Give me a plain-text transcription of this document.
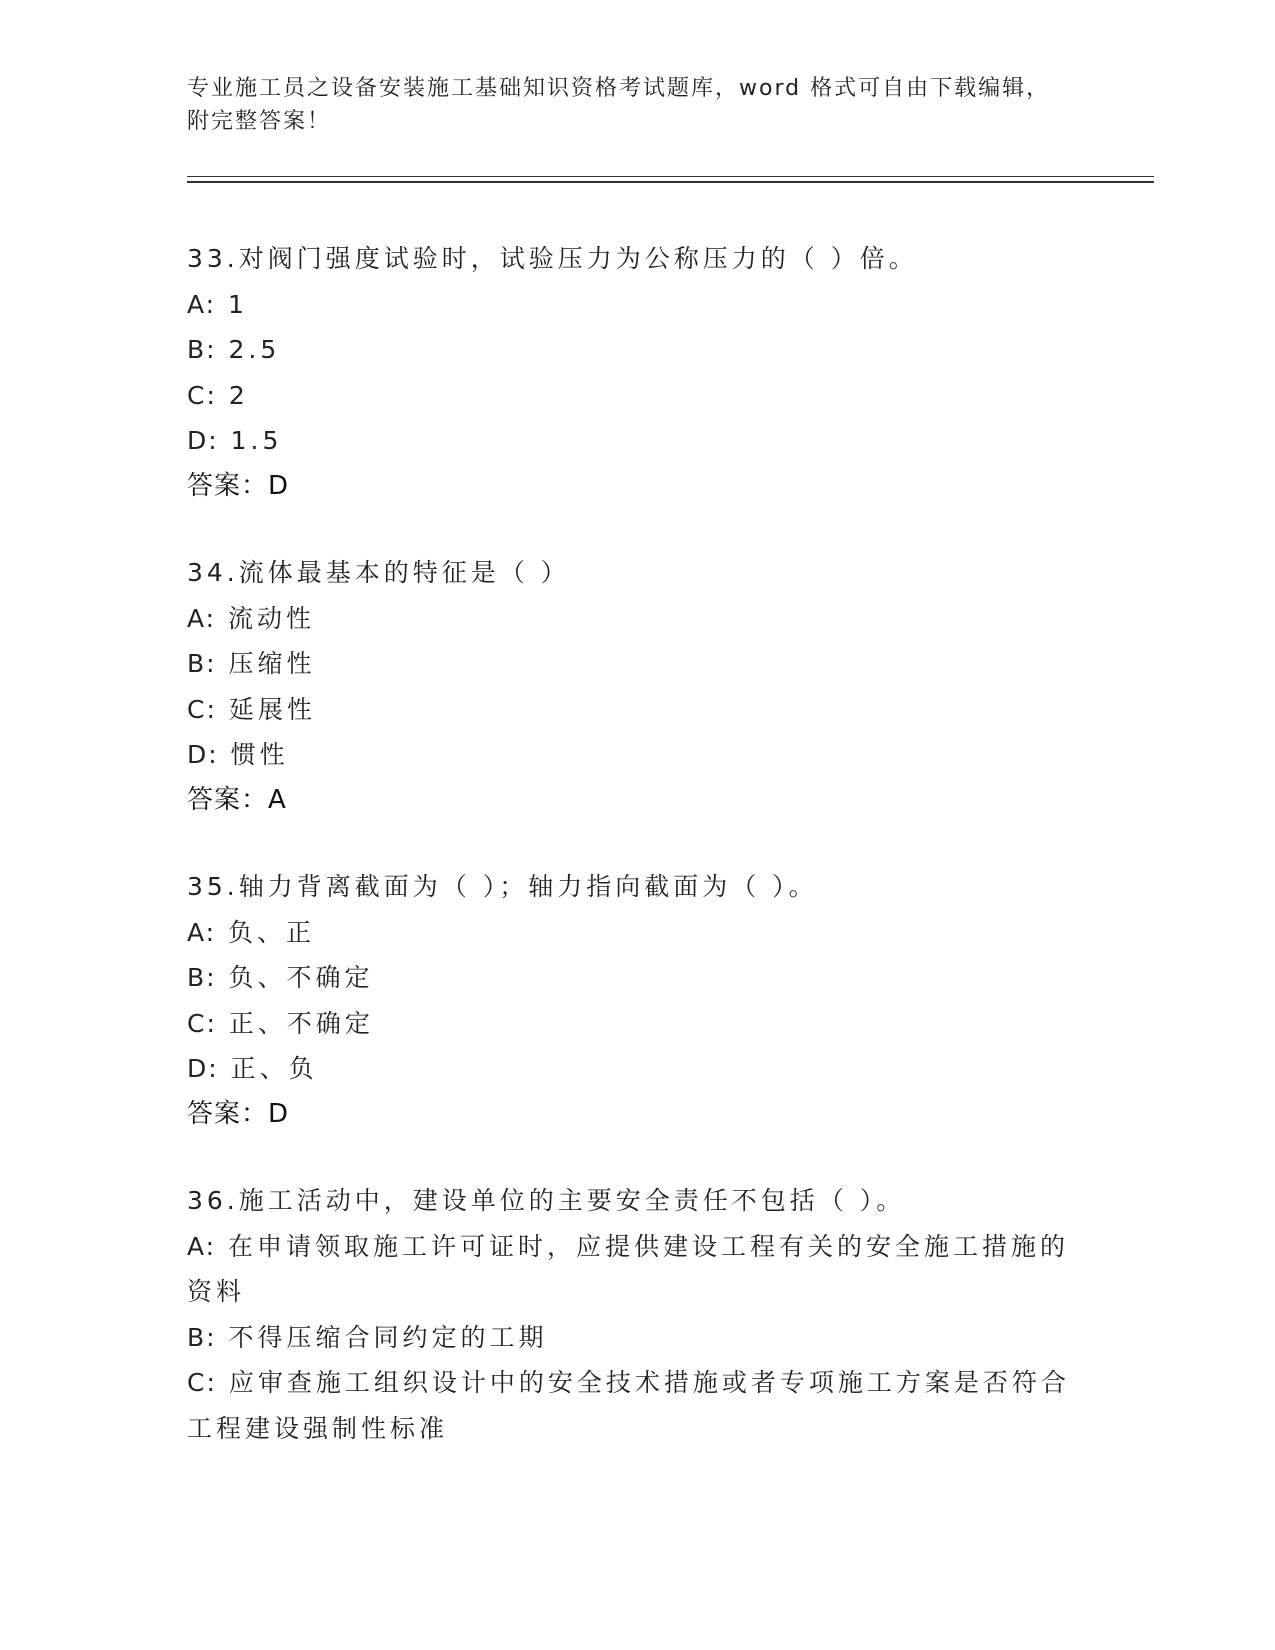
专业施工员之设备安装施工基础知识资格考试题库，word 格式可自由下载编辑，
附完整答案！
33.对阀门强度试验时，试验压力为公称压力的（ ）倍。
A: 1
B: 2.5
C: 2
D: 1.5
答案：D
34.流体最基本的特征是（ ）
A: 流动性
B: 压缩性
C: 延展性
D: 惯性
答案：A
35.轴力背离截面为（ ）；轴力指向截面为（ ）。
A: 负、正
B: 负、不确定
C: 正、不确定
D: 正、负
答案：D
36.施工活动中，建设单位的主要安全责任不包括（ ）。
A: 在申请领取施工许可证时，应提供建设工程有关的安全施工措施的资料
B: 不得压缩合同约定的工期
C: 应审查施工组织设计中的安全技术措施或者专项施工方案是否符合工程建设强制性标准
